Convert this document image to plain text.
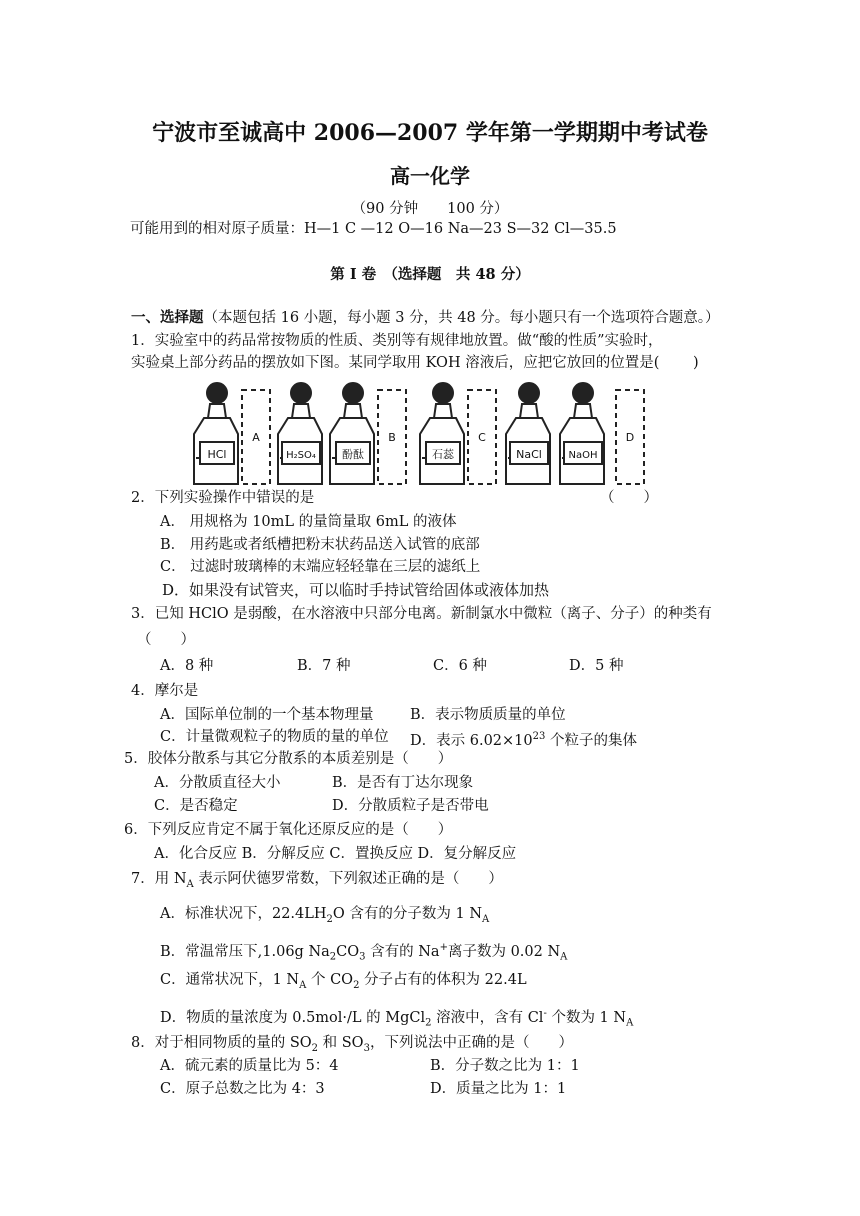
宁波市至诚高中 2006—2007 学年第一学期期中考试卷
高一化学
（90 分钟　　100 分）
可能用到的相对原子质量：H—1 C —12 O—16 Na—23 S—32 Cl—35.5
第 I 卷　（选择题　共 48 分）
一、选择题（本题包括 16 小题，每小题 3 分，共 48 分。每小题只有一个选项符合题意。）
1．实验室中的药品常按物质的性质、类别等有规律地放置。做“酸的性质”实验时，
实验桌上部分药品的摆放如下图。某同学取用 KOH 溶液后，应把它放回的位置是(　　 )
HCl
A
H₂SO₄ 酚酞
B
石蕊
C
NaCl	NaOH
D
2．下列实验操作中错误的是	（　　）
A． 用规格为 10mL 的量筒量取 6mL 的液体
B． 用药匙或者纸槽把粉末状药品送入试管的底部
C． 过滤时玻璃棒的末端应轻轻靠在三层的滤纸上
D．如果没有试管夹，可以临时手持试管给固体或液体加热
3．已知 HClO 是弱酸，在水溶液中只部分电离。新制氯水中微粒（离子、分子）的种类有
（　　）
A．8 种	B．7 种	C．6 种	D．5 种
4．摩尔是
A．国际单位制的一个基本物理量	B．表示物质质量的单位
C．计量微观粒子的物质的量的单位 D．表示 $6.02\times 10^{23}$ 个粒子的集体
5．胶体分散系与其它分散系的本质差别是（　　）
A．分散质直径大小	B．是否有丁达尔现象
C．是否稳定	D．分散质粒子是否带电
6．下列反应肯定不属于氧化还原反应的是（　　）
A．化合反应 B．分解反应 C．置换反应 D．复分解反应
7．用 $N_A$ 表示阿伏德罗常数，下列叙述正确的是（　　）
A．标准状况下，$22.4LH_2O$ 含有的分子数为 1 $N_A$
B．常温常压下,1.06g $Na_2CO_3$ 含有的 Na+离子数为 0.02 $N_A$
C．通常状况下，1 $N_A$ 个 $CO_2$ 分子占有的体积为 22.4L
D．物质的量浓度为 0.5mol·/L 的 MgCl$_2$ 溶液中，含有 Cl- 个数为 1 $N_A$
8．对于相同物质的量的 $SO_2$ 和 $SO_3$，下列说法中正确的是（　　）
A．硫元素的质量比为 5：4	B．分子数之比为 1：1
C．原子总数之比为 4：3	D．质量之比为 1：1
